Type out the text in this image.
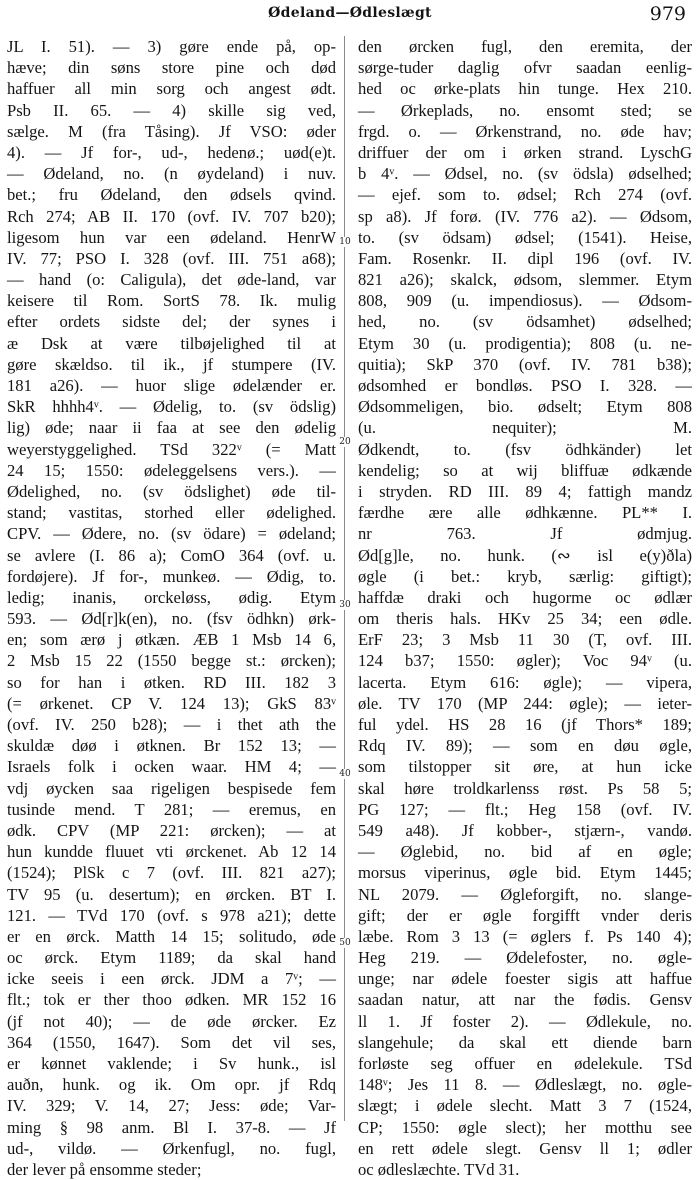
Ødeland—Ødleslægt	979
JL I. 51). — 3) gøre ende på, op-
hæve; din søns store pine och død
haffuer all min sorg och angest ødt.
Psb II. 65. — 4) skille sig ved,
sælge. M (fra Tåsing). Jf VSO: øder
4). — Jf for-, ud-, hedenø.; uød(e)t.
— Ødeland, no. (n øydeland) i nuv.
bet.; fru Ødeland, den ødsels qvind.
Rch 274; AB II. 170 (ovf. IV. 707 b20);
ligesom hun var een ødeland. HenrW
IV. 77; PSO I. 328 (ovf. III. 751 a68);
— hand (o: Caligula), det øde-land, var
keisere til Rom. SortS 78. Ik. mulig
efter ordets sidste del; der synes i
æ Dsk at være tilbøjelighed til at
gøre skældso. til ik., jf stumpere (IV.
181 a26). — huor slige ødelænder er.
SkR hhhh4ᵛ. — Ødelig, to. (sv ödslig)
lig) øde; naar ii faa at see den ødelig
weyerstyggelighed. TSd 322ᵛ (= Matt
24 15; 1550: ødeleggelsens vers.). —
Ødelighed, no. (sv ödslighet) øde til-
stand; vastitas, storhed eller ødelighed.
CPV. — Ødere, no. (sv ödare) = ødeland;
se avlere (I. 86 a); ComO 364 (ovf. u.
fordøjere). Jf for-, munkeø. — Ødig, to.
ledig; inanis, orckeløss, ødig. Etym
593. — Ød[r]k(en), no. (fsv ödhkn) ørk-
en; som ærø j øtkæn. ÆB 1 Msb 14 6,
2 Msb 15 22 (1550 begge st.: ørcken);
so for han i øtken. RD III. 182 3
(= ørkenet. CP V. 124 13); GkS 83ᵛ
(ovf. IV. 250 b28); — i thet ath the
skuldæ døø i øtknen. Br 152 13; —
Israels folk i ocken waar. HM 4; —
vdj øycken saa rigeligen bespisede fem
tusinde mend. T 281; — eremus, en
ødk. CPV (MP 221: ørcken); — at
hun kundde fluuet vti ørckenet. Ab 12 14
(1524); PlSk c 7 (ovf. III. 821 a27);
TV 95 (u. desertum); en ørcken. BT I.
121. — TVd 170 (ovf. s 978 a21); dette
er en ørck. Matth 14 15; solitudo, øde
oc ørck. Etym 1189; da skal hand
icke seeis i een ørck. JDM a 7ᵛ; —
flt.; tok er ther thoo ødken. MR 152 16
(jf not 40); — de øde ørcker. Ez
364 (1550, 1647). Som det vil ses,
er kønnet vaklende; i Sv hunk., isl
auðn, hunk. og ik. Om opr. jf Rdq
IV. 329; V. 14, 27; Jess: øde; Var-
ming § 98 anm. Bl I. 37-8. — Jf
ud-, vildø. — Ørkenfugl, no. fugl,
der lever på ensomme steder;
den ørcken fugl, den eremita, der
sørge-tuder daglig ofvr saadan eenlig-
hed oc ørke-plats hin tunge. Hex 210.
— Ørkeplads, no. ensomt sted; se
frgd. o. — Ørkenstrand, no. øde hav;
driffuer der om i ørken strand. LyschG
b 4ᵛ. — Ødsel, no. (sv ödsla) ødselhed;
— ejef. som to. ødsel; Rch 274 (ovf.
sp a8). Jf forø. (IV. 776 a2). — Ødsom,
to. (sv ödsam) ødsel; (1541). Heise,
Fam. Rosenkr. II. dipl 196 (ovf. IV.
821 a26); skalck, ødsom, slemmer. Etym
808, 909 (u. impendiosus). — Ødsom-
hed, no. (sv ödsamhet) ødselhed;
Etym 30 (u. prodigentia); 808 (u. ne-
quitia); SkP 370 (ovf. IV. 781 b38);
ødsomhed er bondløs. PSO I. 328. —
Ødsommeligen, bio. ødselt; Etym 808
(u. nequiter); M.
Ødkendt, to. (fsv ödhkänder) let
kendelig; so at wij bliffuæ ødkænde
i stryden. RD III. 89 4; fattigh mandz
færdhe ære alle ødhkænne. PL** I.
nr 763. Jf ødmjug.
Ød[g]le, no. hunk. (∾ isl e(y)ðla)
øgle (i bet.: kryb, særlig: giftigt);
haffdæ draki och hugorme oc ødlær
om theris hals. HKv 25 34; een ødle.
ErF 23; 3 Msb 11 30 (T, ovf. III.
124 b37; 1550: øgler); Voc 94ᵛ (u.
lacerta. Etym 616: øgle); — vipera,
øle. TV 170 (MP 244: øgle); — ieter-
ful ydel. HS 28 16 (jf Thors* 189;
Rdq IV. 89); — som en døu øgle,
som tilstopper sit øre, at hun icke
skal høre troldkarlenss røst. Ps 58 5;
PG 127; — flt.; Heg 158 (ovf. IV.
549 a48). Jf kobber-, stjærn-, vandø.
— Øglebid, no. bid af en øgle;
morsus viperinus, øgle bid. Etym 1445;
NL 2079. — Øgleforgift, no. slange-
gift; der er øgle forgifft vnder deris
læbe. Rom 3 13 (= øglers f. Ps 140 4);
Heg 219. — Ødelefoster, no. øgle-
unge; nar ødele foester sigis att haffue
saadan natur, att nar the fødis. Gensv
ll 1. Jf foster 2). — Ødlekule, no.
slangehule; da skal ett diende barn
forløste seg offuer en ødelekule. TSd
148ᵛ; Jes 11 8. — Ødleslægt, no. øgle-
slægt; i ødele slecht. Matt 3 7 (1524,
CP; 1550: øgle slect); her motthu see
en rett ødele slegt. Gensv ll 1; ødler
oc ødleslæchte. TVd 31.
10
20
30
40
50
